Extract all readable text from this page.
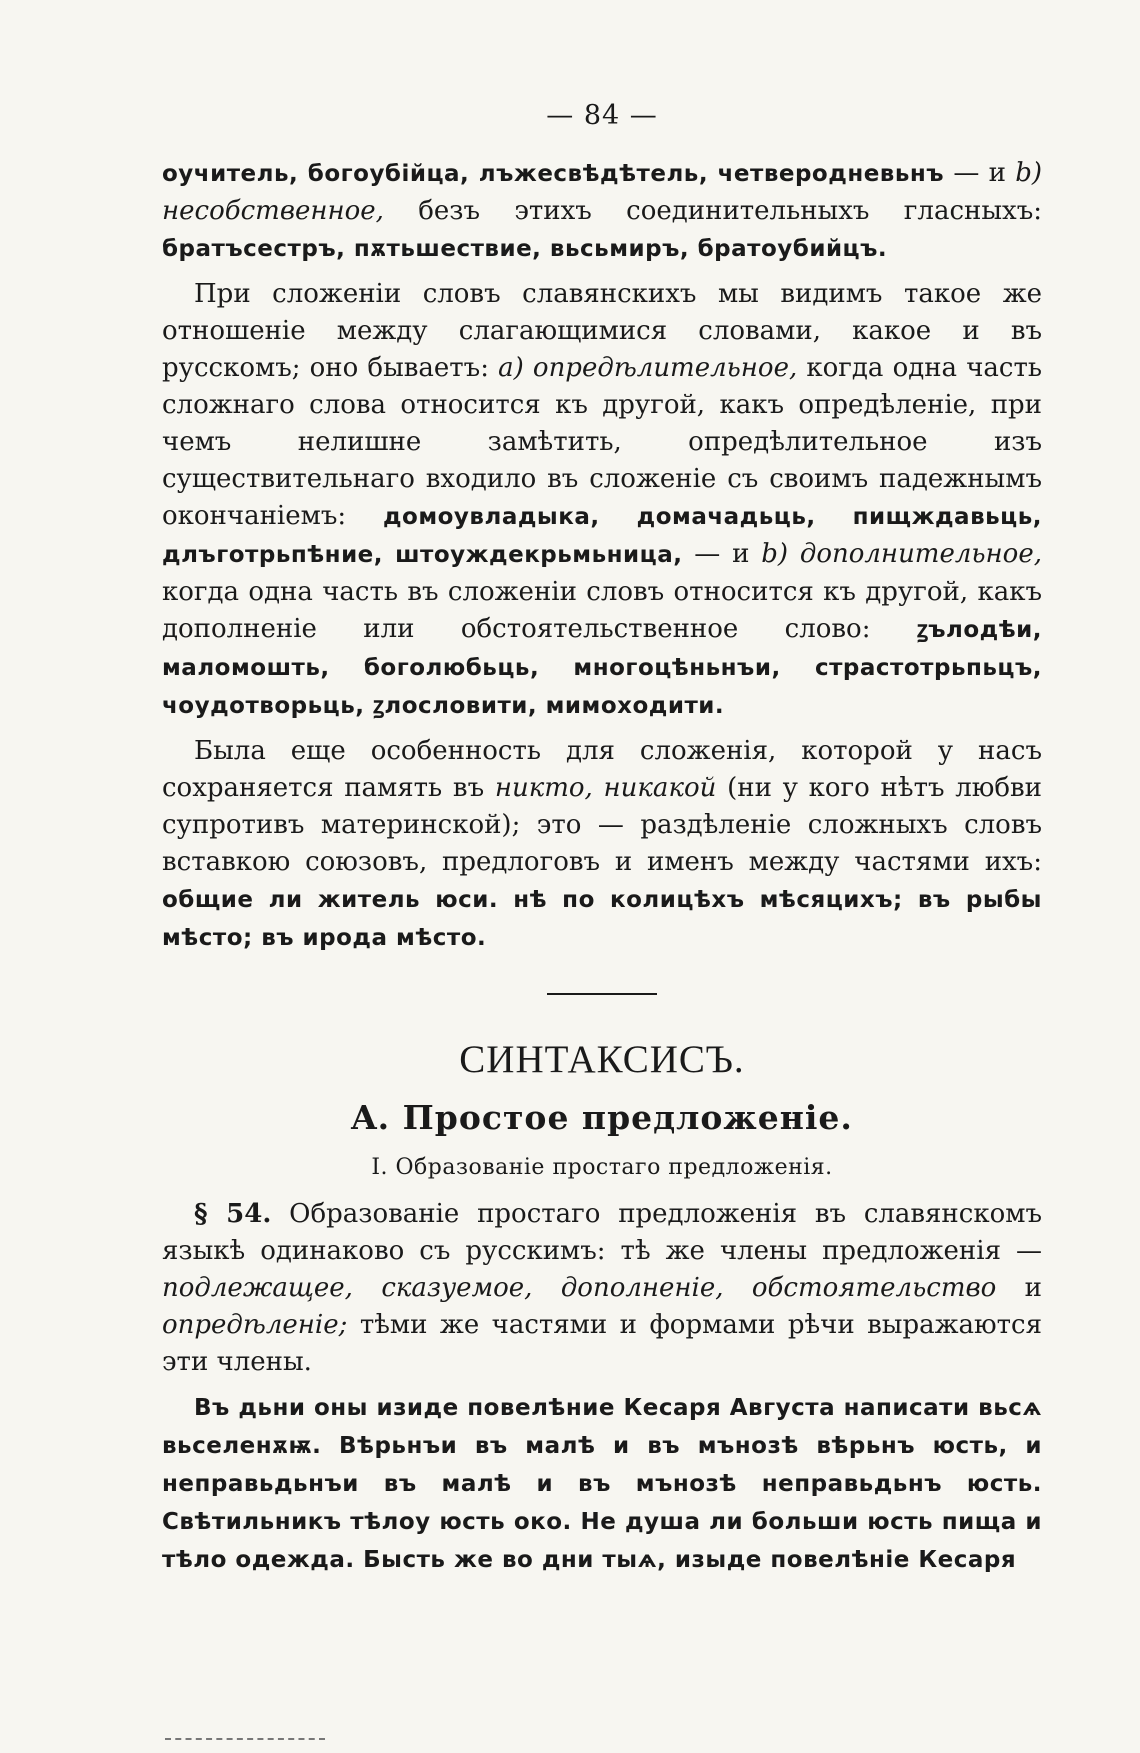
— 84 —

оучитель, богоубійца, лъжесвѣдѣтель, четверодневьнъ — и b) несобственное, безъ этихъ соединительныхъ гласныхъ: братъсестръ, пѫтьшествие, вьсьмиръ, братоубийцъ.

При сложеніи словъ славянскихъ мы видимъ такое же отношеніе между слагающимися словами, какое и въ русскомъ; оно бываетъ: a) опредѣлительное, когда одна часть сложнаго слова относится къ другой, какъ опредѣленіе, при чемъ нелишне замѣтить, опредѣлительное изъ существительнаго входило въ сложеніе съ своимъ падежнымъ окончаніемъ: домоувладыка, домачадьць, пищждавьць, длъготрьпѣние, штоуждекрьмьница, — и b) дополнительное, когда одна часть въ сложеніи словъ относится къ другой, какъ дополненіе или обстоятельственное слово: ꙁълодѣи, маломошть, боголюбьць, многоцѣньнъи, страстотрьпьцъ, чоудотворьць, ꙁлословити, мимоходити.

Была еще особенность для сложенія, которой у насъ сохраняется память въ никто, никакой (ни у кого нѣтъ любви супротивъ материнской); это — раздѣленіе сложныхъ словъ вставкою союзовъ, предлоговъ и именъ между частями ихъ: общие ли житель юси. нѣ по колицѣхъ мѣсяцихъ; въ рыбы мѣсто; въ ирода мѣсто.

СИНТАКСИСЪ.
A. Простое предложеніе.
I. Образованіе простаго предложенія.

§ 54. Образованіе простаго предложенія въ славянскомъ языкѣ одинаково съ русскимъ: тѣ же члены предложенія — подлежащее, сказуемое, дополненіе, обстоятельство и опредѣленіе; тѣми же частями и формами рѣчи выражаются эти члены.

Въ дьни оны изиде повелѣние Кесаря Августа написати вьсѧ вьселенѫѭ. Вѣрьнъи въ малѣ и въ мънозѣ вѣрьнъ юсть, и неправьдьнъи въ малѣ и въ мънозѣ неправьдьнъ юсть. Свѣтильникъ тѣлоу юсть око. Не душа ли больши юсть пища и тѣло одежда. Бысть же во дни тыѧ, изыде повелѣніе Кесаря
